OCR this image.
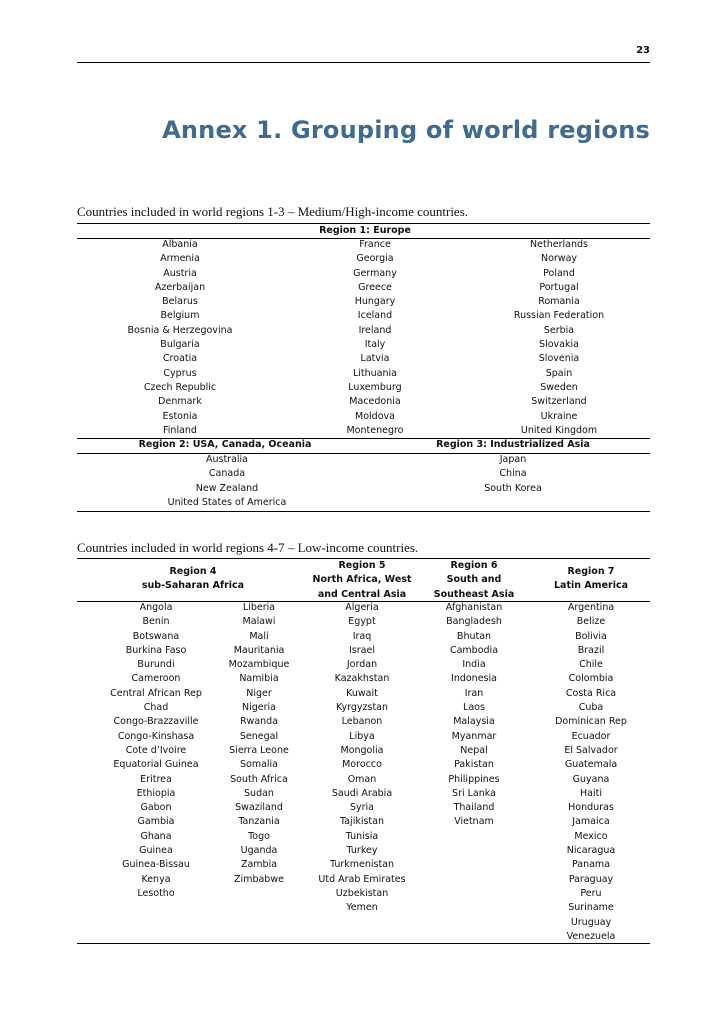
23
Annex 1. Grouping of world regions
Countries included in world regions 1-3 – Medium/High-income countries.
Region 1: Europe
Albania
Armenia
Austria
Azerbaijan
Belarus
Belgium
Bosnia & Herzegovina
Bulgaria
Croatia
Cyprus
Czech Republic
Denmark
Estonia
Finland
France
Georgia
Germany
Greece
Hungary
Iceland
Ireland
Italy
Latvia
Lithuania
Luxemburg
Macedonia
Moldova
Montenegro
Netherlands
Norway
Poland
Portugal
Romania
Russian Federation
Serbia
Slovakia
Slovenia
Spain
Sweden
Switzerland
Ukraine
United Kingdom
Region 2: USA, Canada, Oceania	Region 3: Industrialized Asia
Australia
Canada
New Zealand
United States of America
Japan
China
South Korea
Countries included in world regions 4-7 – Low-income countries.
Region 4
sub-Saharan Africa
Region 5
North Africa, West
and Central Asia
Region 6
South and
Southeast Asia
Region 7
Latin America
Angola
Benin
Botswana
Burkina Faso
Burundi
Cameroon
Central African Rep
Chad
Congo-Brazzaville
Congo-Kinshasa
Cote d’Ivoire
Equatorial Guinea
Eritrea
Ethiopia
Gabon
Gambia
Ghana
Guinea
Guinea-Bissau
Kenya
Lesotho
Liberia
Malawi
Mali
Mauritania
Mozambique
Namibia
Niger
Nigeria
Rwanda
Senegal
Sierra Leone
Somalia
South Africa
Sudan
Swaziland
Tanzania
Togo
Uganda
Zambia
Zimbabwe
Algeria
Egypt
Iraq
Israel
Jordan
Kazakhstan
Kuwait
Kyrgyzstan
Lebanon
Libya
Mongolia
Morocco
Oman
Saudi Arabia
Syria
Tajikistan
Tunisia
Turkey
Turkmenistan
Utd Arab Emirates
Uzbekistan
Yemen
Afghanistan
Bangladesh
Bhutan
Cambodia
India
Indonesia
Iran
Laos
Malaysia
Myanmar
Nepal
Pakistan
Philippines
Sri Lanka
Thailand
Vietnam
Argentina
Belize
Bolivia
Brazil
Chile
Colombia
Costa Rica
Cuba
Dominican Rep
Ecuador
El Salvador
Guatemala
Guyana
Haiti
Honduras
Jamaica
Mexico
Nicaragua
Panama
Paraguay
Peru
Suriname
Uruguay
Venezuela
